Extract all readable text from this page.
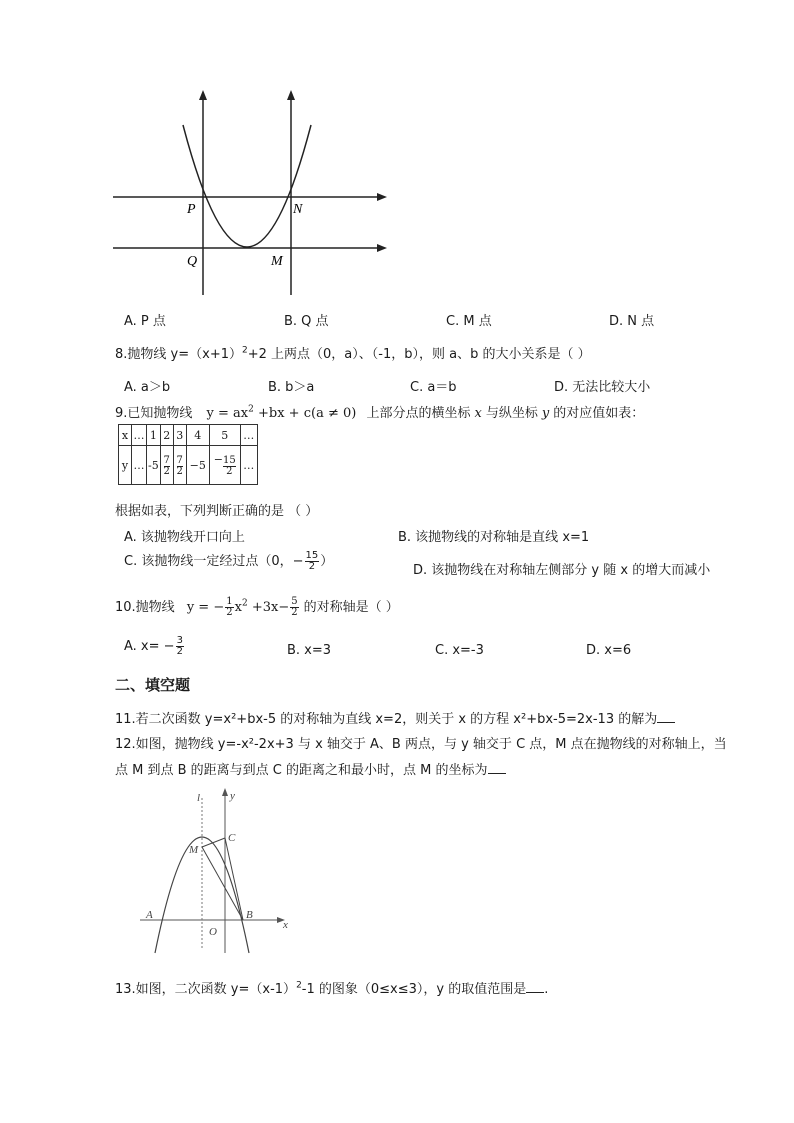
P	N
Q	M
A. P 点	B. Q 点	C. M 点	D. N 点
8.抛物线 $y=(x+1)^2+2$ 上两点（0，a）、（-1，b），则 a、b 的大小关系是（ ）
A. a＞b	B. b＞a	C. a＝b	D. 无法比较大小
9.已知抛物线 $y = ax^2 +bx + c(a \ne 0)$ 上部分点的横坐标 x 与纵坐标 y 的对应值如表：
x	…	1	2	3	4	5	…
y	…	-5	$\frac{7}{2}$	$\frac{7}{2}$	−5	− $\frac{15}{2}$	…
根据如表，下列判断正确的是 （ ）
A. 该抛物线开口向上	B. 该抛物线的对称轴是直线 x=1
C. 该抛物线一定经过点（0，− $\frac{15}{2}$ ）
D. 该抛物线在对称轴左侧部分 y 随 x 的增大而减小
10.抛物线 y = − $\frac{1}{2} x^2 +3x- \frac{5}{2}$ 的对称轴是（ ）
A. $x= - \frac{3}{2}$	B. x=3	C. x=-3	D. x=6
二、填空题
11.若二次函数 y=x²+bx-5 的对称轴为直线 x=2，则关于 x 的方程 x²+bx-5=2x-13 的解为
12.如图，抛物线 y=-x²-2x+3 与 x 轴交于 A、B 两点，与 y 轴交于 C 点，M 点在抛物线的对称轴上，当
点 M 到点 B 的距离与到点 C 的距离之和最小时，点 M 的坐标为
l	y
C
M
A	B
O
x
13.如图，二次函数 $y=(x-1)^2-1$ 的图象（0≤x≤3），y 的取值范围是 .
